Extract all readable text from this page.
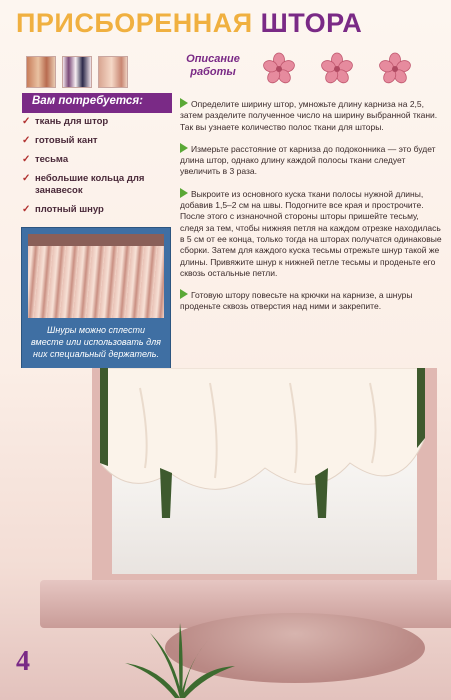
ПРИСБОРЕННАЯ ШТОРА
Вам потребуется:
✓ ткань для штор
✓ готовый кант
✓ тесьма
✓ небольшие кольца для занавесок
✓ плотный шнур
Шнуры можно сплести вместе или использовать для них специальный держатель.
Описание
работы
Определите ширину штор, умножьте длину карниза на 2,5, затем разделите полученное число на ширину выбранной ткани. Так вы узнаете количество полос ткани для шторы.
Измерьте расстояние от карниза до подоконника — это будет длина штор, однако длину каждой полосы ткани следует увеличить в 3 раза.
Выкроите из основного куска ткани полосы нужной длины, добавив 1,5–2 см на швы. Подогните все края и прострочите. После этого с изнаночной стороны шторы пришейте тесьму, следя за тем, чтобы нижняя петля на каждом отрезке находилась в 5 см от ее конца, только тогда на шторах получатся одинаковые сборки. Затем для каждого куска тесьмы отрежьте шнур такой же длины. Привяжите шнур к нижней петле тесьмы и проденьте его сквозь остальные петли.
Готовую штору повесьте на крючки на карнизе, а шнуры проденьте сквозь отверстия над ними и закрепите.
4
